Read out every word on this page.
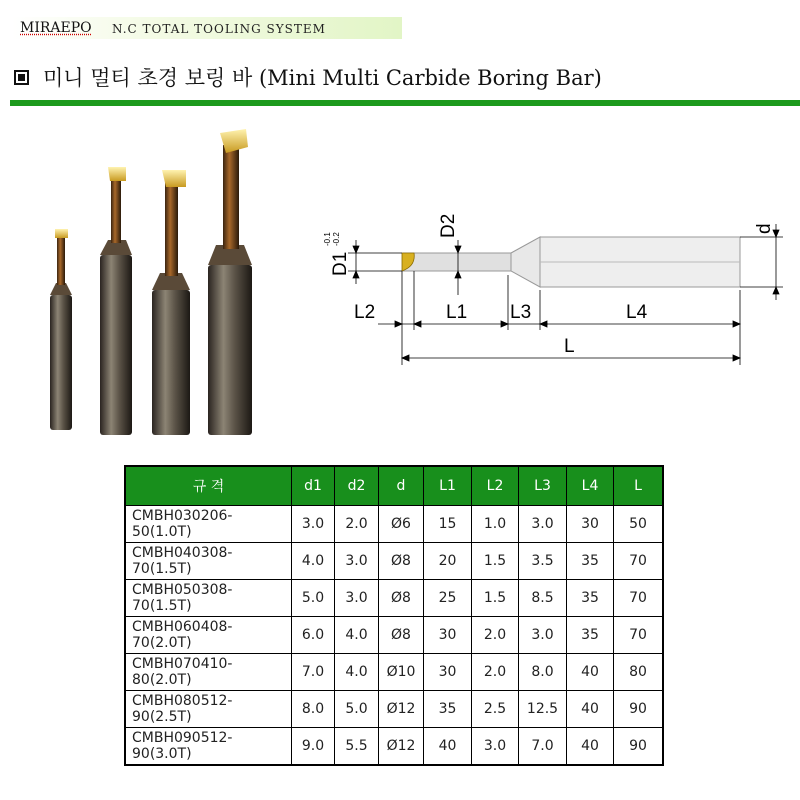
MIRAEPO N.C TOTAL TOOLING SYSTEM
미니 멀티 초경 보링 바 (Mini Multi Carbide Boring Bar)
D1
-0.1 -0.2
D2	d
L2	L1 L3	L4
L
규 격	d1	d2	d	L1	L2	L3	L4	L
CMBH030206-50(1.0T)	3.0	2.0	Ø6	15	1.0	3.0	30	50
CMBH040308-70(1.5T)	4.0	3.0	Ø8	20	1.5	3.5	35	70
CMBH050308-70(1.5T)	5.0	3.0	Ø8	25	1.5	8.5	35	70
CMBH060408-70(2.0T)	6.0	4.0	Ø8	30	2.0	3.0	35	70
CMBH070410-80(2.0T)	7.0	4.0	Ø10	30	2.0	8.0	40	80
CMBH080512-90(2.5T)	8.0	5.0	Ø12	35	2.5	12.5	40	90
CMBH090512-90(3.0T)	9.0	5.5	Ø12	40	3.0	7.0	40	90
